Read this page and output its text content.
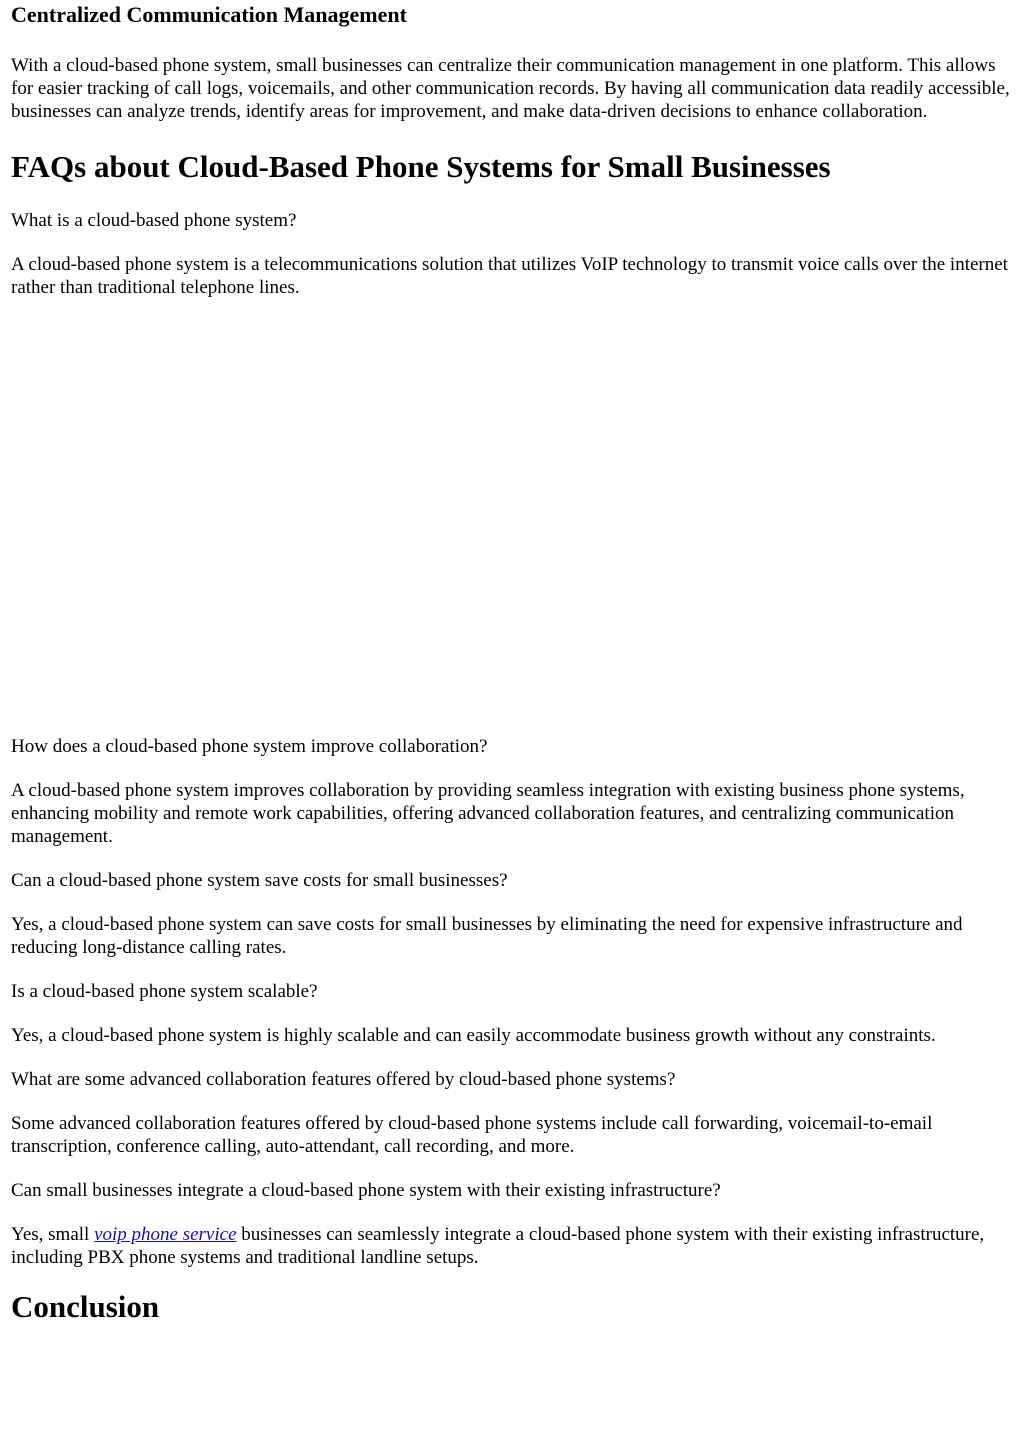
Centralized Communication Management

With a cloud-based phone system, small businesses can centralize their communication management in one platform. This allows for easier tracking of call logs, voicemails, and other communication records. By having all communication data readily accessible, businesses can analyze trends, identify areas for improvement, and make data-driven decisions to enhance collaboration.

FAQs about Cloud-Based Phone Systems for Small Businesses

What is a cloud-based phone system?

A cloud-based phone system is a telecommunications solution that utilizes VoIP technology to transmit voice calls over the internet rather than traditional telephone lines.

How does a cloud-based phone system improve collaboration?

A cloud-based phone system improves collaboration by providing seamless integration with existing business phone systems, enhancing mobility and remote work capabilities, offering advanced collaboration features, and centralizing communication management.

Can a cloud-based phone system save costs for small businesses?

Yes, a cloud-based phone system can save costs for small businesses by eliminating the need for expensive infrastructure and reducing long-distance calling rates.

Is a cloud-based phone system scalable?

Yes, a cloud-based phone system is highly scalable and can easily accommodate business growth without any constraints.

What are some advanced collaboration features offered by cloud-based phone systems?

Some advanced collaboration features offered by cloud-based phone systems include call forwarding, voicemail-to-email transcription, conference calling, auto-attendant, call recording, and more.

Can small businesses integrate a cloud-based phone system with their existing infrastructure?

Yes, small voip phone service businesses can seamlessly integrate a cloud-based phone system with their existing infrastructure, including PBX phone systems and traditional landline setups.

Conclusion
